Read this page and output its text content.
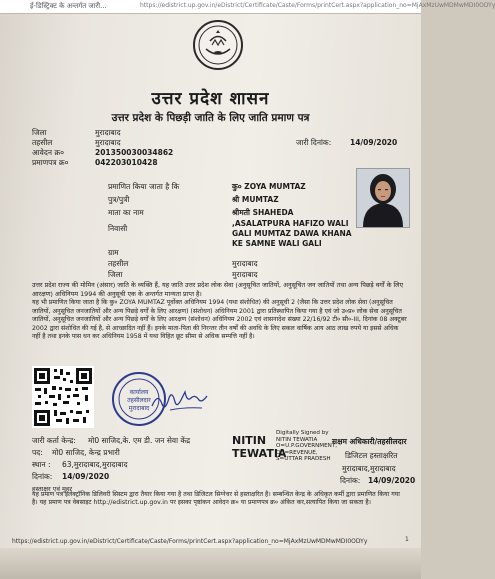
ई-डिस्ट्रिक्ट के अन्तर्गत जारी...	https://edistrict.up.gov.in/eDistrict/Certificate/Caste/Forms/printCert.aspx?application_no=MjAxMzUwMDMwMDI0ODYy
उत्तर प्रदेश शासन
उत्तर प्रदेश के पिछड़ी जाति के लिए जाति प्रमाण पत्र
जिला	मुरादाबाद
तहसील	मुरादाबाद
आवेदन क्र०	201350030034862
प्रमाणपत्र क्र०	042203010428
जारी दिनांक:	14/09/2020
प्रमाणित किया जाता है कि	कु० ZOYA MUMTAZ
पुत्र/पुत्री	श्री MUMTAZ
माता का नाम	श्रीमती SHAHEDA
निवासी
,ASALATPURA HAFIZO WALI GALI MUMTAZ DAWA KHANA KE SAMNE WALI GALI
ग्राम
तहसील	मुरादाबाद
जिला	मुरादाबाद
उत्तर प्रदेश राज्य की मोमिन (अंसार) जाति के व्यक्ति हैं, यह जाति उत्तर प्रदेश लोक सेवा (अनुसूचित जातियों, अनुसूचित जन जातियों तथा अन्य पिछड़े वर्गों के लिए आरक्षण) अधिनियम 1994 की अनुसूची एक के अन्तर्गत मान्यता प्राप्त है।
यह भी प्रमाणित किया जाता है कि कु० ZOYA MUMTAZ पूर्वोक्त अधिनियम 1994 (यथा संशोधित) की अनुसूची 2 (जैसा कि उत्तर प्रदेश लोक सेवा (अनुसूचित जातियों, अनुसूचित जनजातियों और अन्य पिछड़े वर्गों के लिए आरक्षण) (संशोधन) अधिनियम 2001 द्वारा प्रतिस्थापित किया गया है एवं जो उ०प्र० लोक सेवा अनुसूचित जातियों, अनुसूचित जनजातियों और अन्य पिछड़े वर्गों के लिए आरक्षण (संशोधन) अधिनियम 2002 एवं शासनादेश संख्या 22/16/92 टी० सी०-III, दिनांक 08 अक्टूबर 2002 द्वारा संशोधित की गई है, से आच्छादित नहीं हैं। इनके माता-पिता की निरन्तर तीन वर्षों की अवधि के लिए सकल वार्षिक आय आठ लाख रुपये या इससे अधिक नहीं है तथा इनके पास धन कर अधिनियम 1958 में यथा विहित छूट सीमा से अधिक सम्पत्ति नहीं है।
कार्यालय
तहसीलदार
मुरादाबाद
जारी कर्ता केन्द्र: मो0 साजिद,के. एम डी. जन सेवा केंद्र
पद: मो0 साजिद, केन्द्र प्रभारी
स्थान : 63,मुरादाबाद,मुरादाबाद
दिनांक: 14/09/2020
हस्ताक्षर एवं मुहर
NITIN TEWATIA
Digitally Signed by
NITIN TEWATIA
O=U.P.GOVERNMENT,
OU=REVENUE,
S=UTTAR PRADESH
दिनांक: 14/09/2020
सक्षम अधिकारी/तहसीलदार
डिजिटल हस्ताक्षरित
मुरादाबाद,मुरादाबाद
यह प्रमाण पत्र इलेक्ट्रॉनिक डिलिवरी सिस्टम द्वारा तैयार किया गया है तथा डिजिटल सिग्नेचर से हस्ताक्षरित है। सम्बन्धित केन्द्र के अधिकृत कर्मी द्वारा प्रमाणित किया गया है। यह प्रमाण पत्र वेबसाइट http://edistrict.up.gov.in पर इसका पृष्ठांकन आवेदन क्र० या प्रमाणपत्र क्र० अंकित कर,सत्यापित किया जा सकता है।
https://edistrict.up.gov.in/eDistrict/Certificate/Caste/Forms/printCert.aspx?application_no=MjAxMzUwMDMwMDI0ODYy	1
